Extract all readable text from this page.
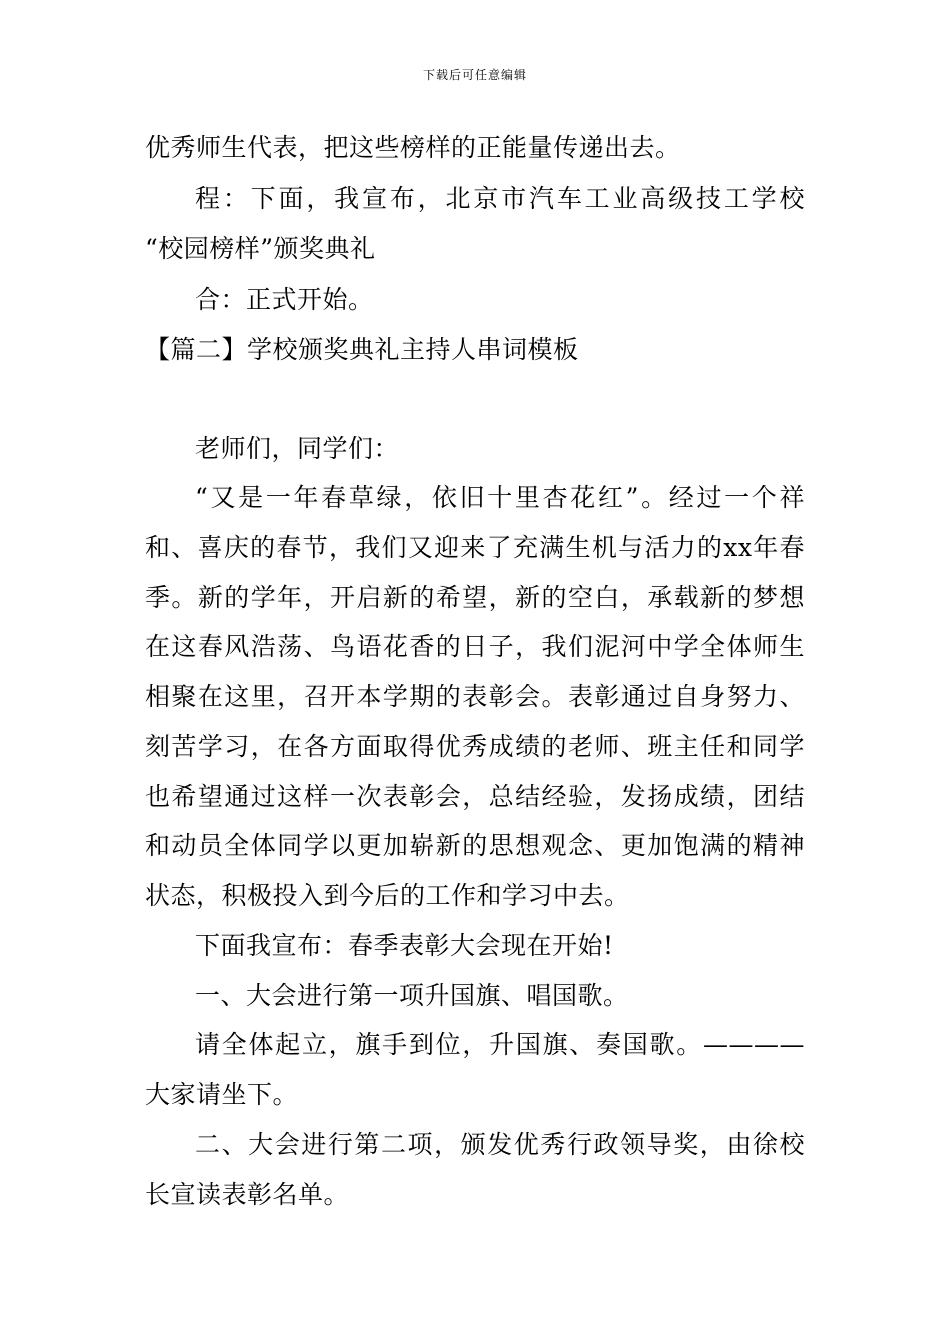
下载后可任意编辑
优秀师生代表，把这些榜样的正能量传递出去。
程：下面，我宣布，北京市汽车工业高级技工学校
“校园榜样”颁奖典礼
合：正式开始。
【篇二】学校颁奖典礼主持人串词模板
老师们，同学们：
“又是一年春草绿，依旧十里杏花红”。经过一个祥
和、喜庆的春节，我们又迎来了充满生机与活力的xx年春
季。新的学年，开启新的希望，新的空白，承载新的梦想
在这春风浩荡、鸟语花香的日子，我们泥河中学全体师生
相聚在这里，召开本学期的表彰会。表彰通过自身努力、
刻苦学习，在各方面取得优秀成绩的老师、班主任和同学
也希望通过这样一次表彰会，总结经验，发扬成绩，团结
和动员全体同学以更加崭新的思想观念、更加饱满的精神
状态，积极投入到今后的工作和学习中去。
下面我宣布：春季表彰大会现在开始!
一、大会进行第一项升国旗、唱国歌。
请全体起立，旗手到位，升国旗、奏国歌。————
大家请坐下。
二、大会进行第二项，颁发优秀行政领导奖，由徐校
长宣读表彰名单。
